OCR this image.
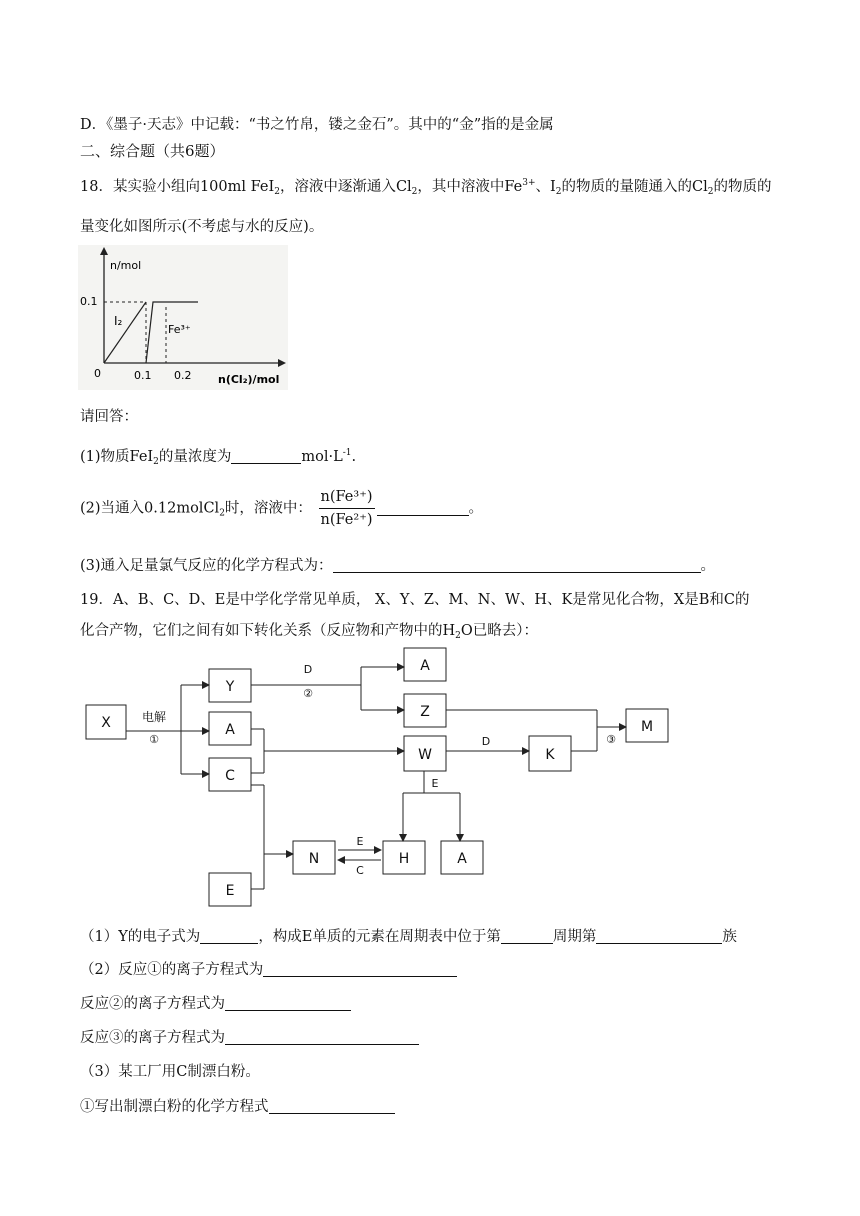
D．《墨子·天志》中记载：“书之竹帛，镂之金石”。其中的“金”指的是金属
二、综合题（共6题）
18．某实验小组向100ml FeI$_2$，溶液中逐渐通入$Cl_2$，其中溶液中$Fe^{3+}$、$I_2$的物质的量随通入的$Cl_2$的物质的
量变化如图所示(不考虑与水的反应)。
n/mol
0.1
0	0.1 0.2 n(Cl₂)/mol
I₂
Fe³⁺
请回答：
(1)物质FeI$_2$的量浓度为	$mol\cdot L^{-1}$.
(2)当通入0.12molCl$_2$时，溶液中： $\frac{\text{n(Fe³⁺)}}{\text{n(Fe²⁺)}}$	。
(3)通入足量氯气反应的化学方程式为：	。
19．A、B、C、D、E是中学化学常见单质， X、Y、Z、M、N、W、H、K是常见化合物，X是B和C的
化合产物，它们之间有如下转化关系（反应物和产物中的$H_2O$已略去）：
X
Y
A
C
E
A
Z
W	K
M
N	H	A
电解
①
D
②
D
E
E
C
③
（1）Y的电子式为	，构成E单质的元素在周期表中位于第	周期第	族
（2）反应①的离子方程式为
反应②的离子方程式为
反应③的离子方程式为
（3）某工厂用C制漂白粉。
①写出制漂白粉的化学方程式
